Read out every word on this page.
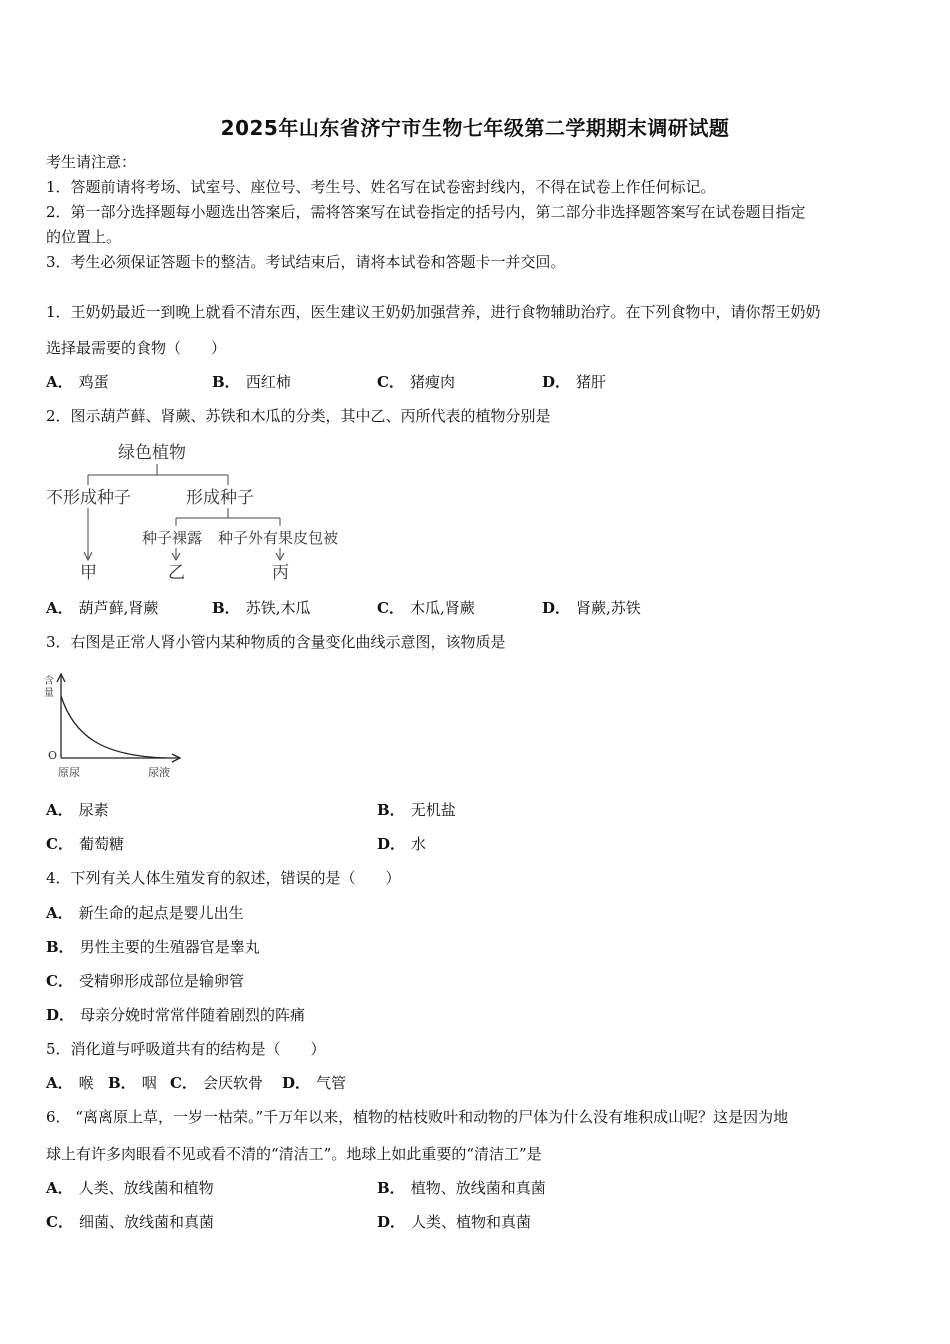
2025年山东省济宁市生物七年级第二学期期末调研试题
考生请注意：
1．答题前请将考场、试室号、座位号、考生号、姓名写在试卷密封线内，不得在试卷上作任何标记。
2．第一部分选择题每小题选出答案后，需将答案写在试卷指定的括号内，第二部分非选择题答案写在试卷题目指定
的位置上。
3．考生必须保证答题卡的整洁。考试结束后，请将本试卷和答题卡一并交回。
1．王奶奶最近一到晚上就看不清东西，医生建议王奶奶加强营养，进行食物辅助治疗。在下列食物中，请你帮王奶奶
选择最需要的食物（　　）
A． 鸡蛋	B． 西红柿	C． 猪瘦肉	D． 猪肝
2．图示葫芦藓、肾蕨、苏铁和木瓜的分类，其中乙、丙所代表的植物分别是
绿色植物
不形成种子	形成种子
种子裸露 种子外有果皮包被
甲	乙	丙
A． 葫芦藓,肾蕨	B． 苏铁,木瓜	C． 木瓜,肾蕨	D． 肾蕨,苏铁
3．右图是正常人肾小管内某种物质的含量变化曲线示意图，该物质是
含
量
O
原尿	尿液
A． 尿素	B． 无机盐
C． 葡萄糖	D． 水
4．下列有关人体生殖发育的叙述，错误的是（　　）
A． 新生命的起点是婴儿出生
B． 男性主要的生殖器官是睾丸
C． 受精卵形成部位是输卵管
D． 母亲分娩时常常伴随着剧烈的阵痛
5．消化道与呼吸道共有的结构是（　　）
A． 喉 B． 咽 C． 会厌软骨 D． 气管
6． “离离原上草，一岁一枯荣。”千万年以来，植物的枯枝败叶和动物的尸体为什么没有堆积成山呢？这是因为地
球上有许多肉眼看不见或看不清的“清洁工”。地球上如此重要的“清洁工”是
A． 人类、放线菌和植物	B． 植物、放线菌和真菌
C． 细菌、放线菌和真菌	D． 人类、植物和真菌
